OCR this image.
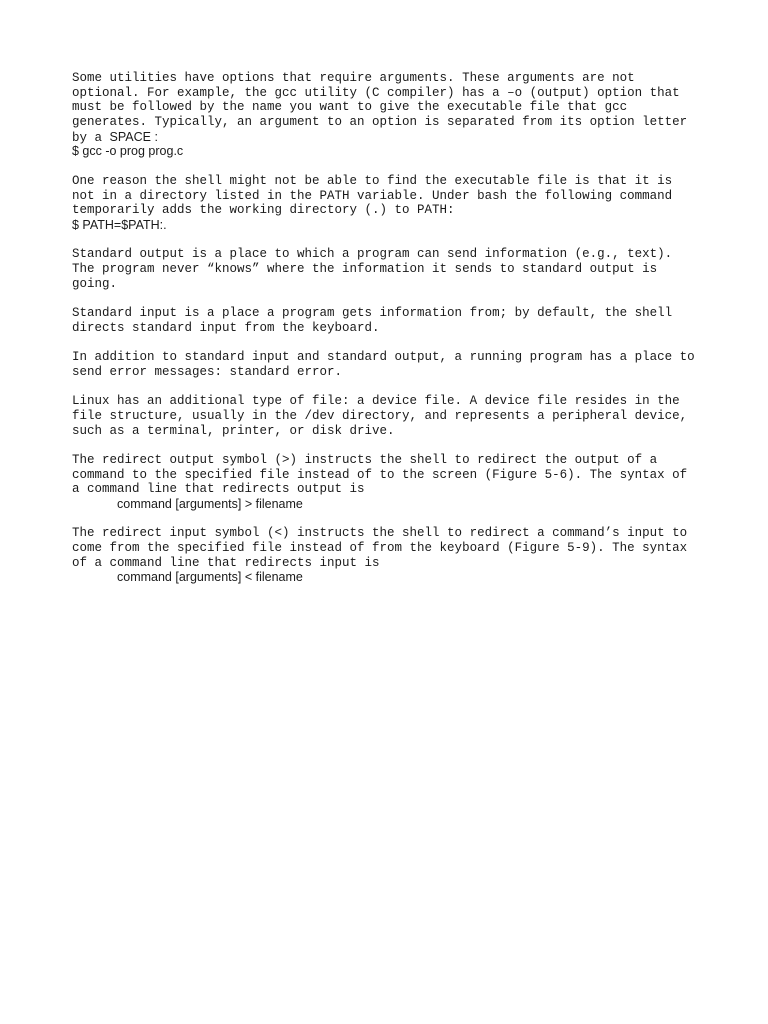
Some utilities have options that require arguments. These arguments are not
optional. For example, the gcc utility (C compiler) has a –o (output) option that
must be followed by the name you want to give the executable file that gcc
generates. Typically, an argument to an option is separated from its option letter
by a SPACE :
$ gcc -o prog prog.c
One reason the shell might not be able to find the executable file is that it is
not in a directory listed in the PATH variable. Under bash the following command
temporarily adds the working directory (.) to PATH:
$ PATH=$PATH:.
Standard output is a place to which a program can send information (e.g., text).
The program never “knows” where the information it sends to standard output is
going.
Standard input is a place a program gets information from; by default, the shell
directs standard input from the keyboard.
In addition to standard input and standard output, a running program has a place to
send error messages: standard error.
Linux has an additional type of file: a device file. A device file resides in the
file structure, usually in the /dev directory, and represents a peripheral device,
such as a terminal, printer, or disk drive.
The redirect output symbol (>) instructs the shell to redirect the output of a
command to the specified file instead of to the screen (Figure 5-6). The syntax of
a command line that redirects output is
command [arguments] > filename
The redirect input symbol (<) instructs the shell to redirect a command’s input to
come from the specified file instead of from the keyboard (Figure 5-9). The syntax
of a command line that redirects input is
command [arguments] < filename
